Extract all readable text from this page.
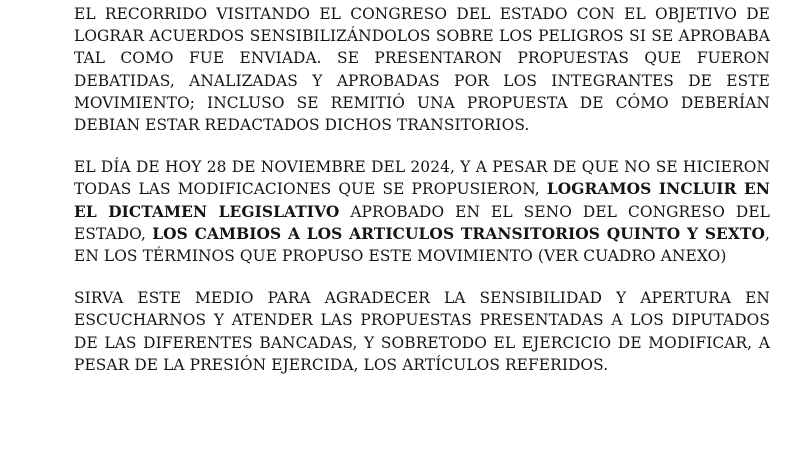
EL RECORRIDO VISITANDO EL CONGRESO DEL ESTADO CON EL OBJETIVO DE LOGRAR ACUERDOS SENSIBILIZÁNDOLOS SOBRE LOS PELIGROS SI SE APROBABA TAL COMO FUE ENVIADA. SE PRESENTARON PROPUESTAS QUE FUERON DEBATIDAS, ANALIZADAS Y APROBADAS POR LOS INTEGRANTES DE ESTE MOVIMIENTO; INCLUSO SE REMITIÓ UNA PROPUESTA DE CÓMO DEBERÍAN DEBIAN ESTAR REDACTADOS DICHOS TRANSITORIOS.

EL DÍA DE HOY 28 DE NOVIEMBRE DEL 2024, Y A PESAR DE QUE NO SE HICIERON TODAS LAS MODIFICACIONES QUE SE PROPUSIERON, LOGRAMOS INCLUIR EN EL DICTAMEN LEGISLATIVO APROBADO EN EL SENO DEL CONGRESO DEL ESTADO, LOS CAMBIOS A LOS ARTICULOS TRANSITORIOS QUINTO Y SEXTO, EN LOS TÉRMINOS QUE PROPUSO ESTE MOVIMIENTO (VER CUADRO ANEXO)

SIRVA ESTE MEDIO PARA AGRADECER LA SENSIBILIDAD Y APERTURA EN ESCUCHARNOS Y ATENDER LAS PROPUESTAS PRESENTADAS A LOS DIPUTADOS DE LAS DIFERENTES BANCADAS, Y SOBRETODO EL EJERCICIO DE MODIFICAR, A PESAR DE LA PRESIÓN EJERCIDA, LOS ARTÍCULOS REFERIDOS.
